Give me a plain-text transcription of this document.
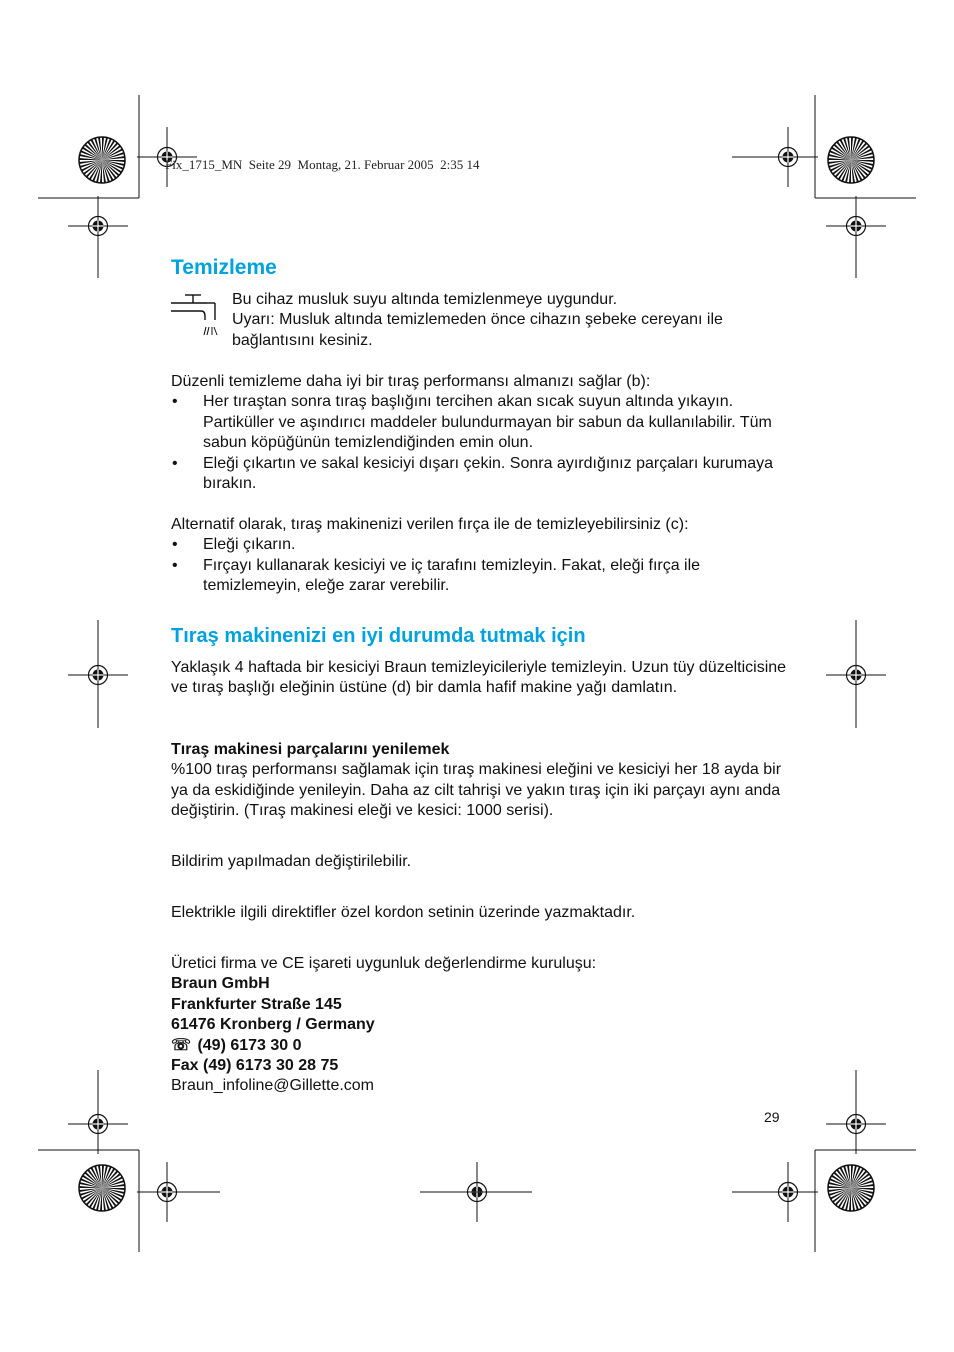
Fix_1715_MN  Seite 29  Montag, 21. Februar 2005  2:35 14
Temizleme

Bu cihaz musluk suyu altında temizlenmeye uygundur.

Uyarı: Musluk altında temizlemeden önce cihazın şebeke cereyanı ile

bağlantısını kesiniz.

Düzenli temizleme daha iyi bir tıraş performansı almanızı sağlar (b):

• Her tıraştan sonra tıraş başlığını tercihen akan sıcak suyun altında yıkayın. Partiküller ve aşındırıcı maddeler bulundurmayan bir sabun da kullanılabilir. Tüm sabun köpüğünün temizlendiğinden emin olun.
• Eleği çıkartın ve sakal kesiciyi dışarı çekin. Sonra ayırdığınız parçaları kurumaya bırakın.

Alternatif olarak, tıraş makinenizi verilen fırça ile de temizleyebilirsiniz (c):

• Eleği çıkarın.
• Fırçayı kullanarak kesiciyi ve iç tarafını temizleyin. Fakat, eleği fırça ile temizlemeyin, eleğe zarar verebilir.
Tıraş makinenizi en iyi durumda tutmak için

Yaklaşık 4 haftada bir kesiciyi Braun temizleyicileriyle temizleyin. Uzun tüy düzelticisine ve tıraş başlığı eleğinin üstüne (d) bir damla hafif makine yağı damlatın.

Tıraş makinesi parçalarını yenilemek

%100 tıraş performansı sağlamak için tıraş makinesi eleğini ve kesiciyi her 18 ayda bir ya da eskidiğinde yenileyin. Daha az cilt tahrişi ve yakın tıraş için iki parçayı aynı anda değiştirin. (Tıraş makinesi eleği ve kesici: 1000 serisi).

Bildirim yapılmadan değiştirilebilir.

Elektrikle ilgili direktifler özel kordon setinin üzerinde yazmaktadır.

Üretici firma ve CE işareti uygunluk değerlendirme kuruluşu:

Braun GmbH

Frankfurter Straße 145

61476 Kronberg / Germany

☏ (49) 6173 30 0

Fax (49) 6173 30 28 75

Braun_infoline@Gillette.com

29
